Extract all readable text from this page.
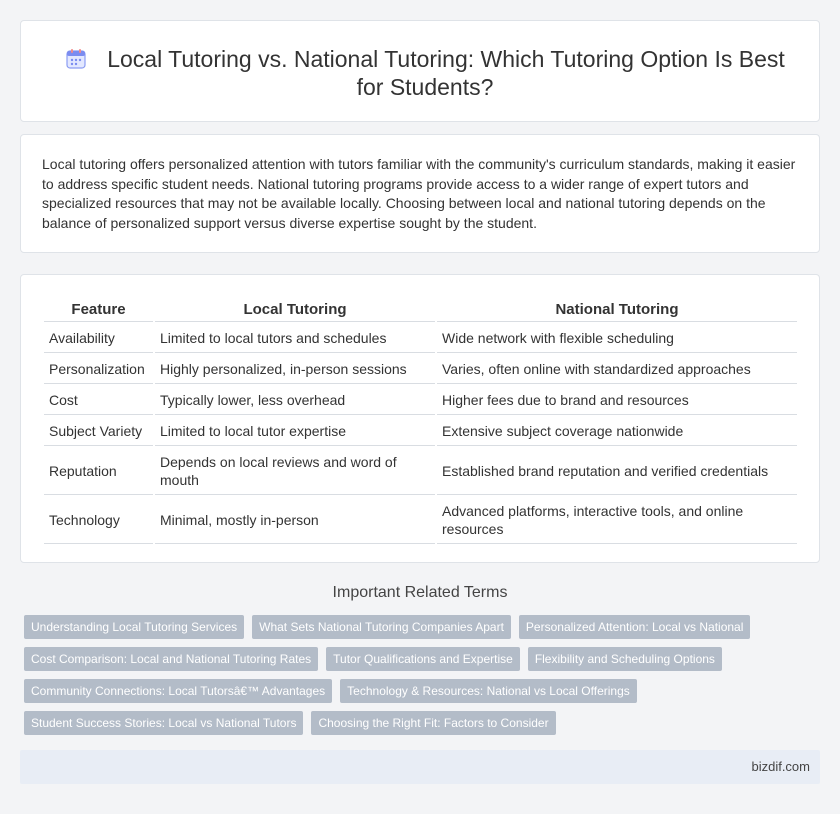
Local Tutoring vs. National Tutoring: Which Tutoring Option Is Best for Students?

Local tutoring offers personalized attention with tutors familiar with the community's curriculum standards, making it easier to address specific student needs. National tutoring programs provide access to a wider range of expert tutors and specialized resources that may not be available locally. Choosing between local and national tutoring depends on the balance of personalized support versus diverse expertise sought by the student.

Feature	Local Tutoring	National Tutoring
Availability	Limited to local tutors and schedules	Wide network with flexible scheduling
Personalization	Highly personalized, in-person sessions	Varies, often online with standardized approaches
Cost	Typically lower, less overhead	Higher fees due to brand and resources
Subject Variety	Limited to local tutor expertise	Extensive subject coverage nationwide
Reputation	Depends on local reviews and word of mouth	Established brand reputation and verified credentials
Technology	Minimal, mostly in-person	Advanced platforms, interactive tools, and online resources
Important Related Terms
Understanding Local Tutoring Services	What Sets National Tutoring Companies Apart	Personalized Attention: Local vs National
Cost Comparison: Local and National Tutoring Rates	Tutor Qualifications and Expertise	Flexibility and Scheduling Options
Community Connections: Local Tutorsâ€™ Advantages	Technology & Resources: National vs Local Offerings
Student Success Stories: Local vs National Tutors	Choosing the Right Fit: Factors to Consider
bizdif.com
